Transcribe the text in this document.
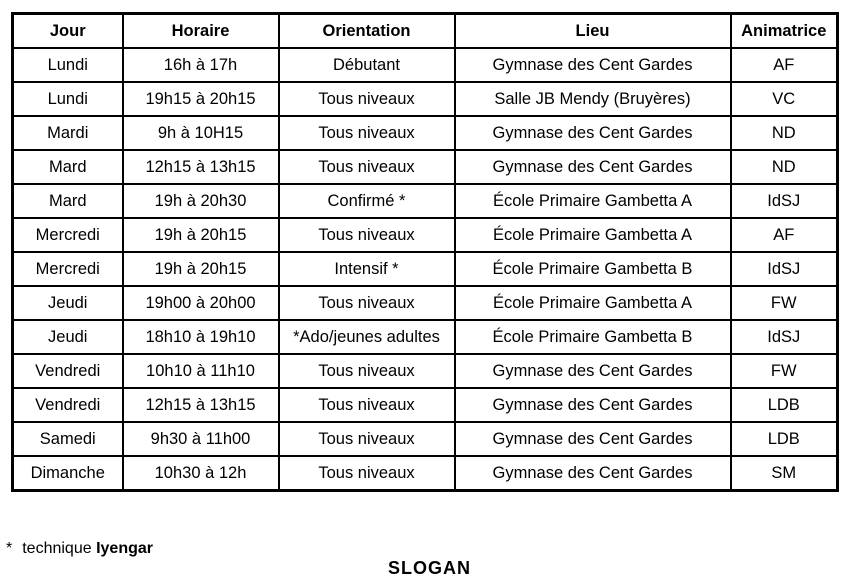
Jour	Horaire	Orientation	Lieu	Animatrice
Lundi	16h à 17h	Débutant	Gymnase des Cent Gardes	AF
Lundi	19h15 à 20h15	Tous niveaux	Salle JB Mendy (Bruyères)	VC
Mardi	9h à 10H15	Tous niveaux	Gymnase des Cent Gardes	ND
Mard	12h15 à 13h15	Tous niveaux	Gymnase des Cent Gardes	ND
Mard	19h à 20h30	Confirmé *	École Primaire Gambetta A	IdSJ
Mercredi	19h à 20h15	Tous niveaux	École Primaire Gambetta A	AF
Mercredi	19h à 20h15	Intensif *	École Primaire Gambetta B	IdSJ
Jeudi	19h00 à 20h00	Tous niveaux	École Primaire Gambetta A	FW
Jeudi	18h10 à 19h10	*Ado/jeunes adultes	École Primaire Gambetta B	IdSJ
Vendredi	10h10 à 11h10	Tous niveaux	Gymnase des Cent Gardes	FW
Vendredi	12h15 à 13h15	Tous niveaux	Gymnase des Cent Gardes	LDB
Samedi	9h30 à 11h00	Tous niveaux	Gymnase des Cent Gardes	LDB
Dimanche	10h30 à 12h	Tous niveaux	Gymnase des Cent Gardes	SM
* technique Iyengar
SLOGAN
